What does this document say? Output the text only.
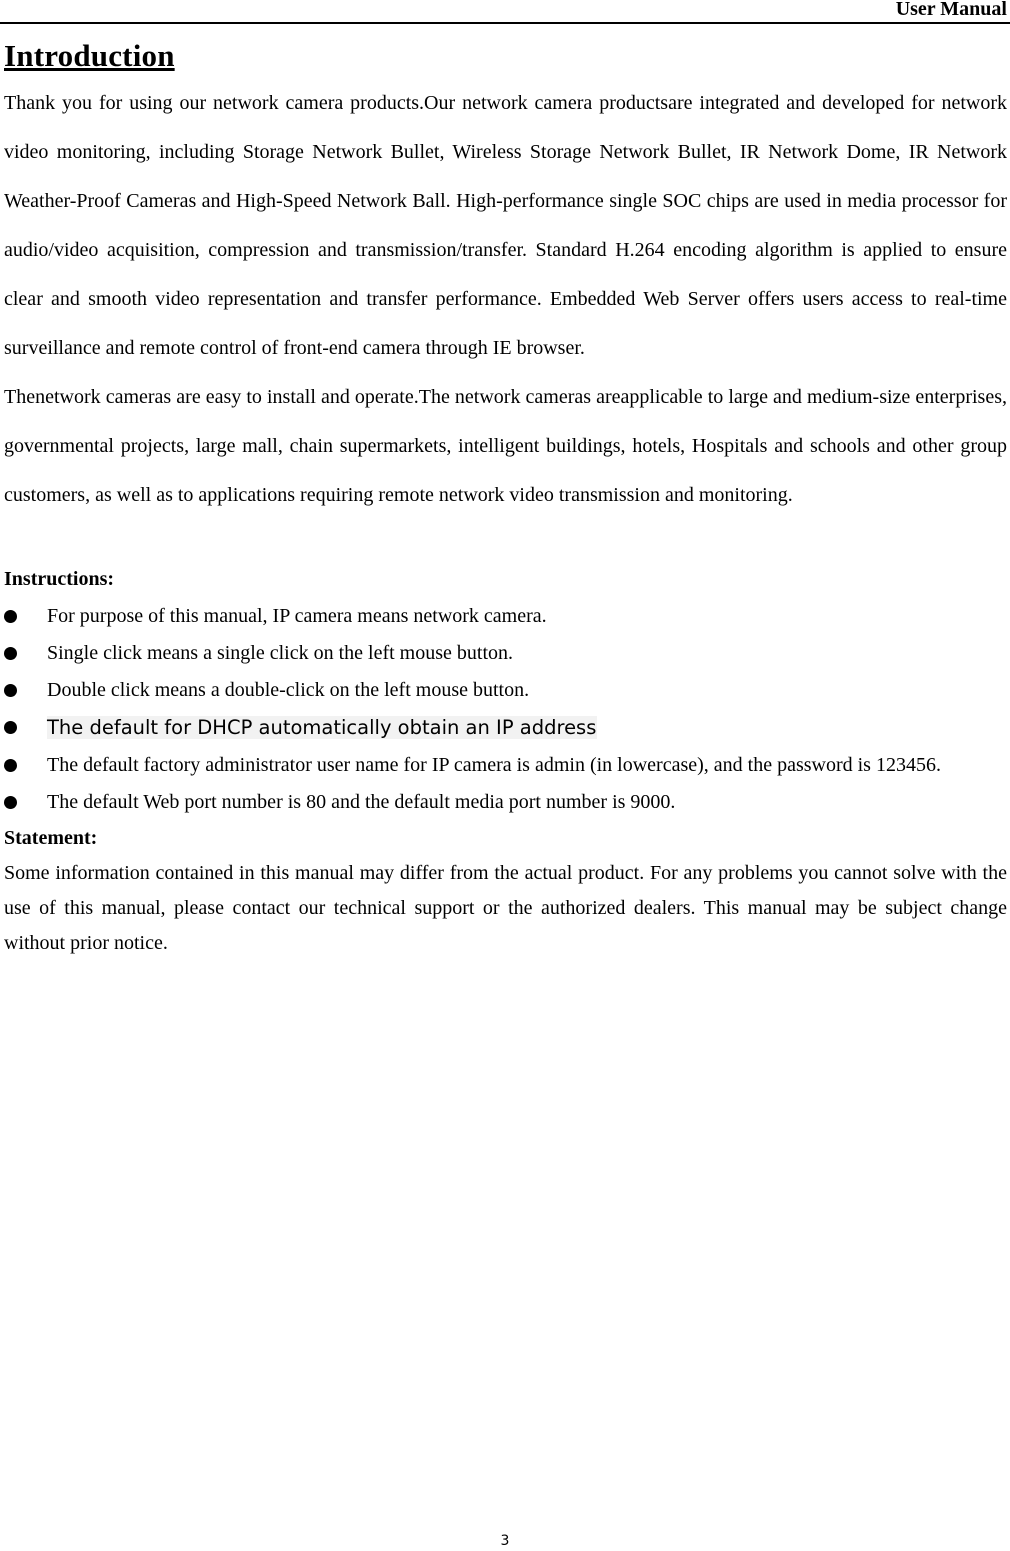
User Manual
Introduction

Thank you for using our network camera products.Our network camera productsare integrated and developed for network video monitoring, including Storage Network Bullet, Wireless Storage Network Bullet, IR Network Dome, IR Network Weather-Proof Cameras and High-Speed Network Ball. High-performance single SOC chips are used in media processor for audio/video acquisition, compression and transmission/transfer. Standard H.264 encoding algorithm is applied to ensure clear and smooth video representation and transfer performance. Embedded Web Server offers users access to real-time surveillance and remote control of front-end camera through IE browser.

Thenetwork cameras are easy to install and operate.The network cameras areapplicable to large and medium-size enterprises, governmental projects, large mall, chain supermarkets, intelligent buildings, hotels, Hospitals and schools and other group customers, as well as to applications requiring remote network video transmission and monitoring.

Instructions:
For purpose of this manual, IP camera means network camera.
Single click means a single click on the left mouse button.
Double click means a double-click on the left mouse button.
The default for DHCP automatically obtain an IP address
The default factory administrator user name for IP camera is admin (in lowercase), and the password is 123456.
The default Web port number is 80 and the default media port number is 9000.
Statement:

Some information contained in this manual may differ from the actual product. For any problems you cannot solve with the use of this manual, please contact our technical support or the authorized dealers. This manual may be subject change without prior notice.

3
